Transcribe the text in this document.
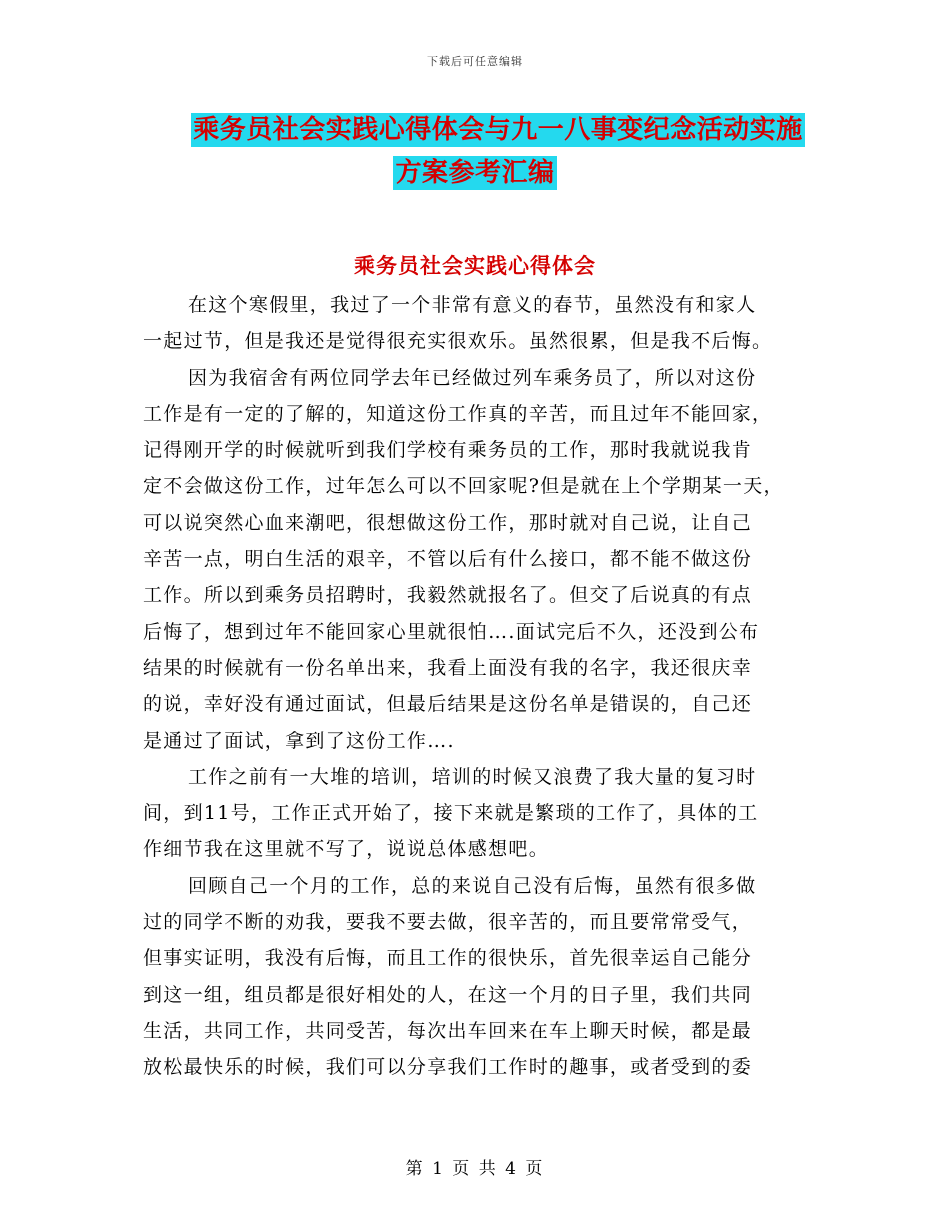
下载后可任意编辑
乘务员社会实践心得体会与九一八事变纪念活动实施
方案参考汇编
乘务员社会实践心得体会
在这个寒假里，我过了一个非常有意义的春节，虽然没有和家人
一起过节，但是我还是觉得很充实很欢乐。虽然很累，但是我不后悔。
因为我宿舍有两位同学去年已经做过列车乘务员了，所以对这份
工作是有一定的了解的，知道这份工作真的辛苦，而且过年不能回家，
记得刚开学的时候就听到我们学校有乘务员的工作，那时我就说我肯
定不会做这份工作，过年怎么可以不回家呢?但是就在上个学期某一天，
可以说突然心血来潮吧，很想做这份工作，那时就对自己说，让自己
辛苦一点，明白生活的艰辛，不管以后有什么接口，都不能不做这份
工作。所以到乘务员招聘时，我毅然就报名了。但交了后说真的有点
后悔了，想到过年不能回家心里就很怕….面试完后不久，还没到公布
结果的时候就有一份名单出来，我看上面没有我的名字，我还很庆幸
的说，幸好没有通过面试，但最后结果是这份名单是错误的，自己还
是通过了面试，拿到了这份工作….
工作之前有一大堆的培训，培训的时候又浪费了我大量的复习时
间，到11号，工作正式开始了，接下来就是繁琐的工作了，具体的工
作细节我在这里就不写了，说说总体感想吧。
回顾自己一个月的工作，总的来说自己没有后悔，虽然有很多做
过的同学不断的劝我，要我不要去做，很辛苦的，而且要常常受气，
但事实证明，我没有后悔，而且工作的很快乐，首先很幸运自己能分
到这一组，组员都是很好相处的人，在这一个月的日子里，我们共同
生活，共同工作，共同受苦，每次出车回来在车上聊天时候，都是最
放松最快乐的时候，我们可以分享我们工作时的趣事，或者受到的委
第 1 页 共 4 页
